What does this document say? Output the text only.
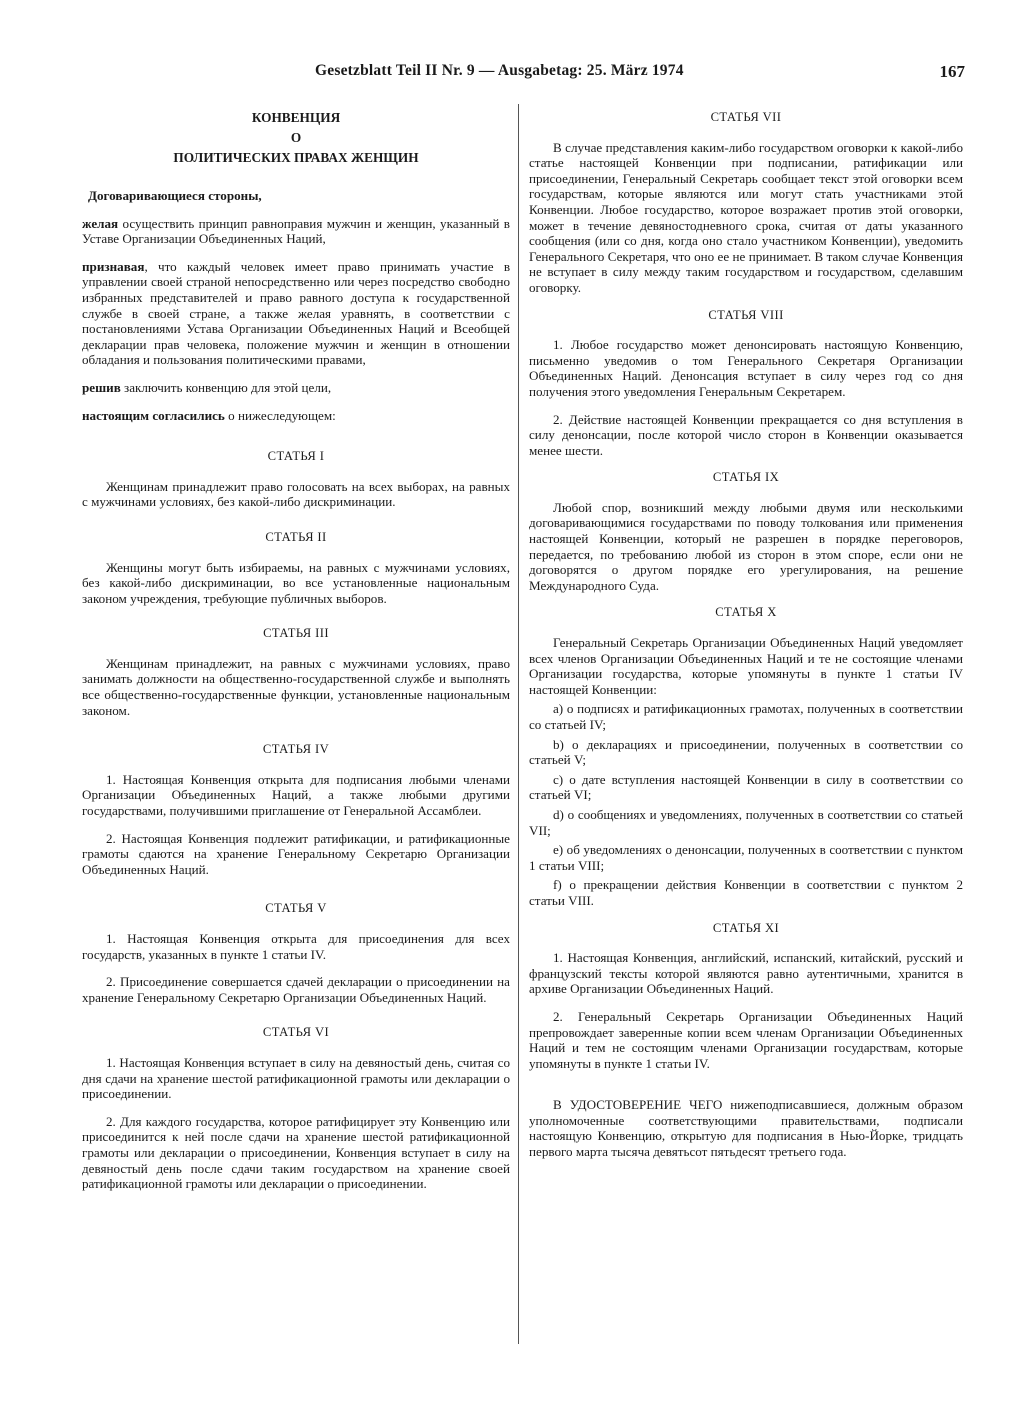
Gesetzblatt Teil II Nr. 9 — Ausgabetag: 25. März 1974	167
КОНВЕНЦИЯ
О
ПОЛИТИЧЕСКИХ ПРАВАХ ЖЕНЩИН
Договаривающиеся стороны,
желая осуществить принцип равноправия мужчин и женщин, указанный в Уставе Организации Объединенных Наций,
признавая, что каждый человек имеет право принимать участие в управлении своей страной непосредственно или через посредство свободно избранных представителей и право равного доступа к государственной службе в своей стране, а также желая уравнять, в соответствии с постановлениями Устава Организации Объединенных Наций и Всеобщей декларации прав человека, положение мужчин и женщин в отношении обладания и пользования политическими правами,
решив заключить конвенцию для этой цели,
настоящим согласились о нижеследующем:
СТАТЬЯ I

Женщинам принадлежит право голосовать на всех выборах, на равных с мужчинами условиях, без какой-либо дискриминации.

СТАТЬЯ II

Женщины могут быть избираемы, на равных с мужчинами условиях, без какой-либо дискриминации, во все установленные национальным законом учреждения, требующие публичных выборов.

СТАТЬЯ III

Женщинам принадлежит, на равных с мужчинами условиях, право занимать должности на общественно-государственной службе и выполнять все общественно-государственные функции, установленные национальным законом.

СТАТЬЯ IV

1. Настоящая Конвенция открыта для подписания любыми членами Организации Объединенных Наций, а также любыми другими государствами, получившими приглашение от Генеральной Ассамблеи.

2. Настоящая Конвенция подлежит ратификации, и ратификационные грамоты сдаются на хранение Генеральному Секретарю Организации Объединенных Наций.

СТАТЬЯ V

1. Настоящая Конвенция открыта для присоединения для всех государств, указанных в пункте 1 статьи IV.

2. Присоединение совершается сдачей декларации о присоединении на хранение Генеральному Секретарю Организации Объединенных Наций.

СТАТЬЯ VI

1. Настоящая Конвенция вступает в силу на девяностый день, считая со дня сдачи на хранение шестой ратификационной грамоты или декларации о присоединении.

2. Для каждого государства, которое ратифицирует эту Конвенцию или присоединится к ней после сдачи на хранение шестой ратификационной грамоты или декларации о присоединении, Конвенция вступает в силу на девяностый день после сдачи таким государством на хранение своей ратификационной грамоты или декларации о присоединении.

СТАТЬЯ VII

В случае представления каким-либо государством оговорки к какой-либо статье настоящей Конвенции при подписании, ратификации или присоединении, Генеральный Секретарь сообщает текст этой оговорки всем государствам, которые являются или могут стать участниками этой Конвенции. Любое государство, которое возражает против этой оговорки, может в течение девяностодневного срока, считая от даты указанного сообщения (или со дня, когда оно стало участником Конвенции), уведомить Генерального Секретаря, что оно ее не принимает. В таком случае Конвенция не вступает в силу между таким государством и государством, сделавшим оговорку.

СТАТЬЯ VIII

1. Любое государство может денонсировать настоящую Конвенцию, письменно уведомив о том Генерального Секретаря Организации Объединенных Наций. Денонсация вступает в силу через год со дня получения этого уведомления Генеральным Секретарем.

2. Действие настоящей Конвенции прекращается со дня вступления в силу денонсации, после которой число сторон в Конвенции оказывается менее шести.

СТАТЬЯ IX

Любой спор, возникший между любыми двумя или несколькими договаривающимися государствами по поводу толкования или применения настоящей Конвенции, который не разрешен в порядке переговоров, передается, по требованию любой из сторон в этом споре, если они не договорятся о другом порядке его урегулирования, на решение Международного Суда.

СТАТЬЯ X

Генеральный Секретарь Организации Объединенных Наций уведомляет всех членов Организации Объединенных Наций и те не состоящие членами Организации государства, которые упомянуты в пункте 1 статьи IV настоящей Конвенции:

a) о подписях и ратификационных грамотах, полученных в соответствии со статьей IV;

b) о декларациях и присоединении, полученных в соответствии со статьей V;

c) о дате вступления настоящей Конвенции в силу в соответствии со статьей VI;

d) о сообщениях и уведомлениях, полученных в соответствии со статьей VII;

e) об уведомлениях о денонсации, полученных в соответствии с пунктом 1 статьи VIII;

f) о прекращении действия Конвенции в соответствии с пунктом 2 статьи VIII.

СТАТЬЯ XI

1. Настоящая Конвенция, английский, испанский, китайский, русский и французский тексты которой являются равно аутентичными, хранится в архиве Организации Объединенных Наций.

2. Генеральный Секретарь Организации Объединенных Наций препровождает заверенные копии всем членам Организации Объединенных Наций и тем не состоящим членами Организации государствам, которые упомянуты в пункте 1 статьи IV.

В УДОСТОВЕРЕНИЕ ЧЕГО нижеподписавшиеся, должным образом уполномоченные соответствующими правительствами, подписали настоящую Конвенцию, открытую для подписания в Нью-Йорке, тридцать первого марта тысяча девятьсот пятьдесят третьего года.
